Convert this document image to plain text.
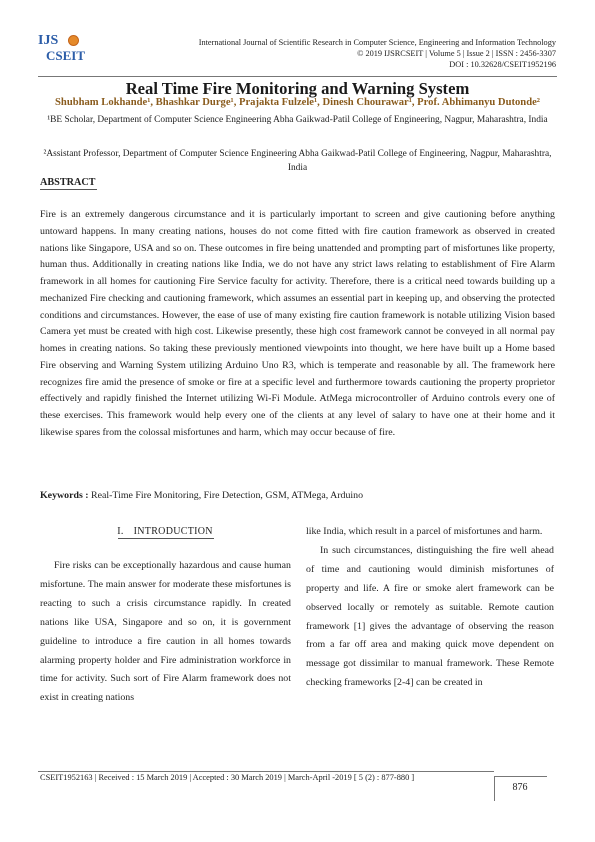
IJS
CSEIT
International Journal of Scientific Research in Computer Science, Engineering and Information Technology
© 2019 IJSRCSEIT | Volume 5 | Issue 2 | ISSN : 2456-3307
DOI : 10.32628/CSEIT1952196
Real Time Fire Monitoring and Warning System
Shubham Lokhande¹, Bhashkar Durge¹, Prajakta Fulzele¹, Dinesh Chourawar¹, Prof. Abhimanyu Dutonde²
¹BE Scholar, Department of Computer Science Engineering Abha Gaikwad-Patil College of Engineering, Nagpur, Maharashtra, India
²Assistant Professor, Department of Computer Science Engineering Abha Gaikwad-Patil College of Engineering, Nagpur, Maharashtra, India
ABSTRACT
Fire is an extremely dangerous circumstance and it is particularly important to screen and give cautioning before anything untoward happens. In many creating nations, houses do not come fitted with fire caution framework as observed in created nations like Singapore, USA and so on. These outcomes in fire being unattended and prompting part of misfortunes like property, human thus. Additionally in creating nations like India, we do not have any strict laws relating to establishment of Fire Alarm framework in all homes for cautioning Fire Service faculty for activity. Therefore, there is a critical need towards building up a mechanized Fire checking and cautioning framework, which assumes an essential part in keeping up, and observing the protected conditions and circumstances. However, the ease of use of many existing fire caution framework is notable utilizing Vision based Camera yet must be created with high cost. Likewise presently, these high cost framework cannot be conveyed in all normal pay homes in creating nations. So taking these previously mentioned viewpoints into thought, we here have built up a Home based Fire observing and Warning System utilizing Arduino Uno R3, which is temperate and reasonable by all. The framework here recognizes fire amid the presence of smoke or fire at a specific level and furthermore towards cautioning the property proprietor effectively and rapidly finished the Internet utilizing Wi-Fi Module. AtMega microcontroller of Arduino controls every one of these exercises. This framework would help every one of the clients at any level of salary to have one at their home and it likewise spares from the colossal misfortunes and harm, which may occur because of fire.
Keywords : Real-Time Fire Monitoring, Fire Detection, GSM, ATMega, Arduino
I. INTRODUCTION

Fire risks can be exceptionally hazardous and cause human misfortune. The main answer for moderate these misfortunes is reacting to such a crisis circumstance rapidly. In created nations like USA, Singapore and so on, it is government guideline to introduce a fire caution in all homes towards alarming property holder and Fire administration workforce in time for activity. Such sort of Fire Alarm framework does not exist in creating nations

like India, which result in a parcel of misfortunes and harm.

In such circumstances, distinguishing the fire well ahead of time and cautioning would diminish misfortunes of property and life. A fire or smoke alert framework can be observed locally or remotely as suitable. Remote caution framework [1] gives the advantage of observing the reason from a far off area and making quick move dependent on message got dissimilar to manual framework. These Remote checking frameworks [2-4] can be created in

CSEIT1952163 | Received : 15 March 2019 | Accepted : 30 March 2019 | March-April -2019 [ 5 (2) : 877-880 ]
876
